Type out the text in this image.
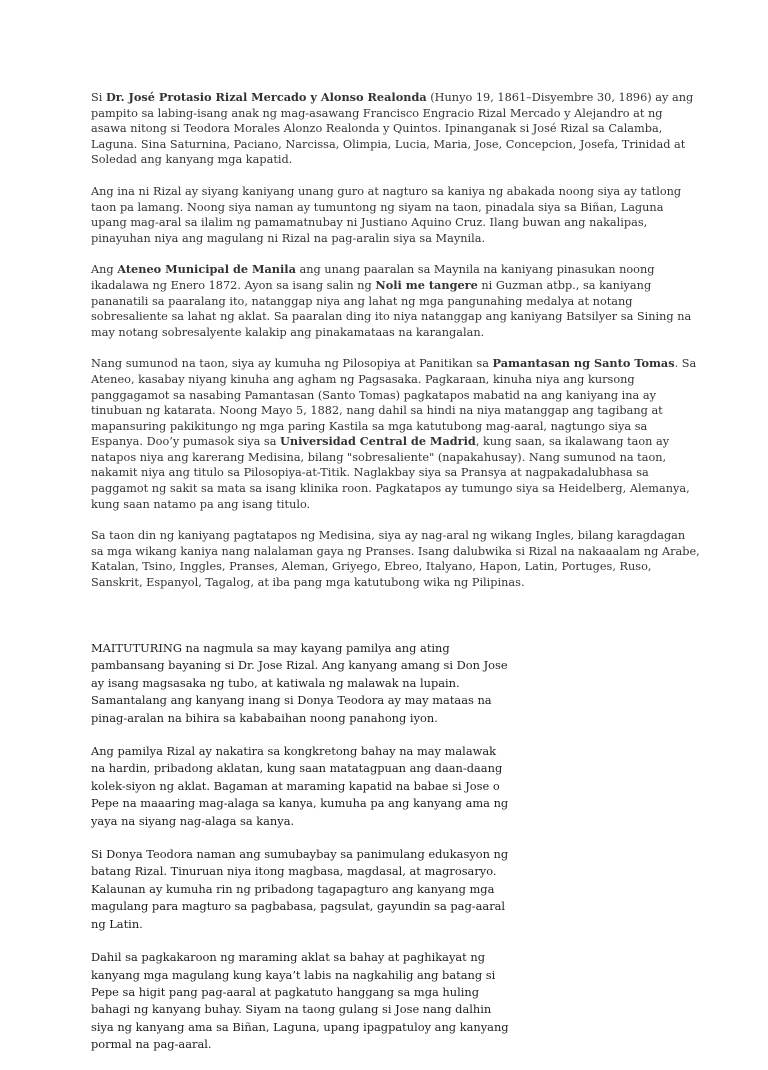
Si Dr. José Protasio Rizal Mercado y Alonso Realonda (Hunyo 19, 1861–Disyembre 30, 1896) ay ang pampito sa labing-isang anak ng mag-asawang Francisco Engracio Rizal Mercado y Alejandro at ng asawa nitong si Teodora Morales Alonzo Realonda y Quintos. Ipinanganak si José Rizal sa Calamba, Laguna. Sina Saturnina, Paciano, Narcissa, Olimpia, Lucia, Maria, Jose, Concepcion, Josefa, Trinidad at Soledad ang kanyang mga kapatid.

Ang ina ni Rizal ay siyang kaniyang unang guro at nagturo sa kaniya ng abakada noong siya ay tatlong taon pa lamang. Noong siya naman ay tumuntong ng siyam na taon, pinadala siya sa Biñan, Laguna upang mag-aral sa ilalim ng pamamatnubay ni Justiano Aquino Cruz. Ilang buwan ang nakalipas, pinayuhan niya ang magulang ni Rizal na pag-aralin siya sa Maynila.

Ang Ateneo Municipal de Manila ang unang paaralan sa Maynila na kaniyang pinasukan noong ikadalawa ng Enero 1872. Ayon sa isang salin ng Noli me tangere ni Guzman atbp., sa kaniyang pananatili sa paaralang ito, natanggap niya ang lahat ng mga pangunahing medalya at notang sobresaliente sa lahat ng aklat. Sa paaralan ding ito niya natanggap ang kaniyang Batsilyer sa Sining na may notang sobresalyente kalakip ang pinakamataas na karangalan.

Nang sumunod na taon, siya ay kumuha ng Pilosopiya at Panitikan sa Pamantasan ng Santo Tomas. Sa Ateneo, kasabay niyang kinuha ang agham ng Pagsasaka. Pagkaraan, kinuha niya ang kursong panggagamot sa nasabing Pamantasan (Santo Tomas) pagkatapos mabatid na ang kaniyang ina ay tinubuan ng katarata. Noong Mayo 5, 1882, nang dahil sa hindi na niya matanggap ang tagibang at mapansuring pakikitungo ng mga paring Kastila sa mga katutubong mag-aaral, nagtungo siya sa Espanya. Doo’y pumasok siya sa Universidad Central de Madrid, kung saan, sa ikalawang taon ay natapos niya ang karerang Medisina, bilang "sobresaliente" (napakahusay). Nang sumunod na taon, nakamit niya ang titulo sa Pilosopiya-at-Titik. Naglakbay siya sa Pransya at nagpakadalubhasa sa paggamot ng sakit sa mata sa isang klinika roon. Pagkatapos ay tumungo siya sa Heidelberg, Alemanya, kung saan natamo pa ang isang titulo.

Sa taon din ng kaniyang pagtatapos ng Medisina, siya ay nag-aral ng wikang Ingles, bilang karagdagan sa mga wikang kaniya nang nalalaman gaya ng Pranses. Isang dalubwika si Rizal na nakaaalam ng Arabe, Katalan, Tsino, Inggles, Pranses, Aleman, Griyego, Ebreo, Italyano, Hapon, Latin, Portuges, Ruso, Sanskrit, Espanyol, Tagalog, at iba pang mga katutubong wika ng Pilipinas.

MAITUTURING na nagmula sa may kayang pamilya ang ating pambansang bayaning si Dr. Jose Rizal. Ang kanyang amang si Don Jose ay isang magsasaka ng tubo, at katiwala ng malawak na lupain. Samantalang ang kanyang inang si Donya Teodora ay may mataas na pinag-aralan na bihira sa kababaihan noong panahong iyon.

Ang pamilya Rizal ay nakatira sa kongkretong bahay na may malawak na hardin, pribadong aklatan, kung saan matatagpuan ang daan-daang kolek-siyon ng aklat. Bagaman at maraming kapatid na babae si Jose o Pepe na maaaring mag-alaga sa kanya, kumuha pa ang kanyang ama ng yaya na siyang nag-alaga sa kanya.

Si Donya Teodora naman ang sumubaybay sa panimulang edukasyon ng batang Rizal. Tinuruan niya itong magbasa, magdasal, at magrosaryo. Kalaunan ay kumuha rin ng pribadong tagapagturo ang kanyang mga magulang para magturo sa pagbabasa, pagsulat, gayundin sa pag-aaral ng Latin.

Dahil sa pagkakaroon ng maraming aklat sa bahay at paghikayat ng kanyang mga magulang kung kaya’t labis na nagkahilig ang batang si Pepe sa higit pang pag-aaral at pagkatuto hanggang sa mga huling bahagi ng kanyang buhay. Siyam na taong gulang si Jose nang dalhin siya ng kanyang ama sa Biñan, Laguna, upang ipagpatuloy ang kanyang pormal na pag-aaral.
